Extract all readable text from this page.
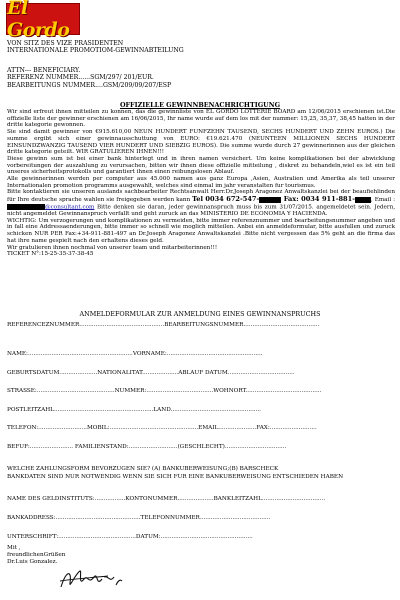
El Gordo
VON SITZ DES VIZE PRASIDENTEN
INTERNATIONALE PROMOTIOM-GEWINNABTEILUNG
ATTN--- BENEFICIARY.
REFERENZ NUMMER......SGM/297/ 201/EUR.
BEARBEITUNGS NUMMER....GSM/209/09/207/ESP
OFFIZIELLE GEWINNBENACHRICHTIGUNG

Wir sind erfreut ihnen mitteilen zu konnen, das die gewinnliste von EL GORDO LOTTERIE BOARD am 12/06/2015 erschienen ist.Die offizielle liste der gewinner erschienen am 16/06/2015, Ihr name wurde auf dem los mit der nummer: 15,25, 35,37, 38,45 hatten in der dritte kategorie gewonnen.

Sie sind damit gewinner von €915.610,00 NEUN HUNDERT FUNFZEHN TAUSEND, SECHS HUNDERT UND ZEHN EUROS.) Die summe ergibt sich einer gewinnausschuttung von EURO: €19.621.470 (NEUNTEEN MILLIONEN SECHS HUNDERT EINSUNDZWANZIG TAUSEND VIER HUNDERT UND SIEBZIG EUROS). Die summe wurde durch 27 gewinnerinnen aus der gleichen dritte kategorie geteilt. WIR GRATULIEREN IHNEN!!!

Diese gewinn sum ist bei einer bank hinterlegt und in ihren namen versichert. Um keine komplikationen bei der abwicklung vorbereitungen der auszahlung zu verursachen, bitten wir ihnen diese offizielle mitteilung , diskret zu behandeln,wiel es ist ein teil unseres sicherheitsprotokolls und garantiert ihnen einen reibungslosen Ablauf.

Alle gewinnerinnen werden per computer aus 45.000 namen aus ganz Europa ,Asien, Australien und Amerika als teil unserer Internationalen promotion programms ausgewahlt, welches sind einmal im jahr veranstalten fur tourismus.

Bitte kontaktieren sie unseren auslands sachbearbeiter Rechtsanwalt Herr.Dr.Joseph Aragonez Anwaltskanzlei bei der beaufiehlinden für Ihre deutsche sprache wahlen sie freigegeben werden kann Tel 0034 672-547-	Fax: 0034 911-881-	, Email : @consultant.com Bitte denken sie daran, jeder gewinnanspruch muss bis zum 31/07/2015. angemeldetet sein. Jedern, nicht angemeldet Gewinnanspruch verfallt und geht zuruck an das MINISTERIO DE ECONOMIA Y HACIENDA.

WICHTIG: Um verzogerungen und komplikationen zu vermeiden, bitte immer referenznummer und bearbeitungsnummer angeben und in fall eine Addressaenderungen, bitte immer so schnell wie moglich mitteilen. Anbei ein anmeldeformular, bitte ausfullen und zuruck schicken NUR PER Fax:+34-911-881-497 an Dr.Joseph Aragonez Anwaltskanzlei .Bitte nicht vergessen das 5% geht an die firma das hat ihre name gespielt nach den erhaltens dieses geld.

Wir gratulieren ihnen nochmal von unserer team und mitarbeiterinnen!!!

TICKET N°:15-25-35-37-38-45

ANMELDEFORMULAR ZUR ANMELDUNG EINES GEWINNANSPRUCHS
REFERENCEZNUMMER...............................................BEARBEITUNGSNUMMER..........................................
NAME:..........................................................VORNAME:.....................................................
GEBURTSDATUM.....................NATIONALITAT....................ABLAUF DATUM.....................................
STRASSE:...........................................NUMMER:.....................................WOHNORT..........................................
POSTLEITZAHL.......................................................LAND..................................................
TELEFON:...........................MOBIL:.................................................EMAIL.....................FAX:..........................
BEFUF:........................ FAMILIENSTAND:...........................(GESCHLECHT)..................................
WELCHE ZAHLUNGSFORM BEVORZUGEN SIE? (A) BANKUBERWEISUNG;(B) BARSCHECK
BANKDATEN SIND NUR NOTWENDIG WENN SIE SICH FUR EINE BANKUBERWEISUNG ENTSCHIEDEN HABEN
NAME DES GELDINSTITUTS:.................KONTONUMMER....................BANKLEITZAHL...................................
BANKADDRESS:...............................................TELEFONNUMMER.......................................
UNTERSCHRIFT:...........................................DATUM:...................................................
Mit ,
freundlichenGrüßen
Dr.Luis Gonzalez.
